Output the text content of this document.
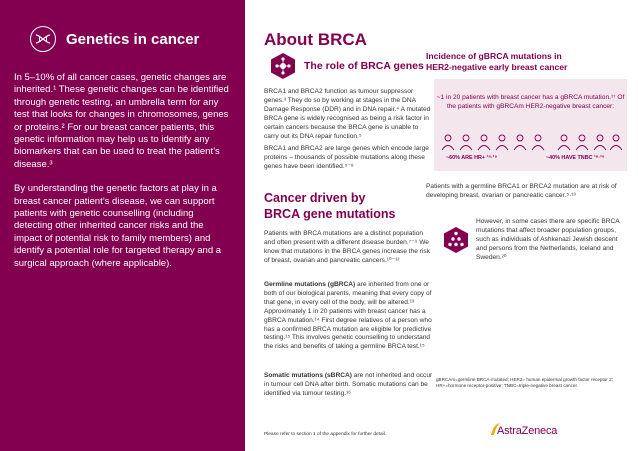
Genetics in cancer

In 5–10% of all cancer cases, genetic changes are inherited.¹ These genetic changes can be identified through genetic testing, an umbrella term for any test that looks for changes in chromosomes, genes or proteins.² For our breast cancer patients, this genetic information may help us to identify any biomarkers that can be used to treat the patient’s disease.³

By understanding the genetic factors at play in a breast cancer patient’s disease, we can support patients with genetic counselling (including detecting other inherited cancer risks and the impact of potential risk to family members) and identify a potential role for targeted therapy and a surgical approach (where applicable).

About BRCA
The role of BRCA genes
BRCA1 and BRCA2 function as tumour suppressor genes.³ They do so by working at stages in the DNA Damage Response (DDR) and in DNA repair.⁴ A mutated BRCA gene is widely recognised as being a risk factor in certain cancers because the BRCA gene is unable to carry out its DNA repair function.⁵
BRCA1 and BRCA2 are large genes which encode large proteins – thousands of possible mutations along these genes have been identified.⁵⁻⁸
Cancer driven by
BRCA gene mutations
Patients with BRCA mutations are a distinct population and often present with a different disease burden.⁷⁻⁹ We know that mutations in the BRCA genes increase the risk of breast, ovarian and pancreatic cancers.¹⁰⁻¹²
Germline mutations (gBRCA) are inherited from one or both of our biological parents, meaning that every copy of that gene, in every cell of the body, will be altered.¹³ Approximately 1 in 20 patients with breast cancer has a gBRCA mutation.¹⁴ First degree relatives of a person who has a confirmed BRCA mutation are eligible for predictive testing.¹⁵ This involves genetic counselling to understand the risks and benefits of taking a germline BRCA test.¹⁵
Somatic mutations (sBRCA) are not inherited and occur in tumour cell DNA after birth. Somatic mutations can be identified via tumour testing.¹⁶
Please refer to section 1 of the appendix for further detail.
Incidence of gBRCA mutations in
HER2-negative early breast cancer
~1 in 20 patients with breast cancer has a gBRCA mutation.¹⁷ Of the patients with gBRCAm HER2-negative breast cancer:
~60% ARE HR+ ¹⁸·¹⁹	~40% HAVE TNBC ¹⁸·¹⁹
Patients with a germline BRCA1 or BRCA2 mutation are at risk of developing breast, ovarian or pancreatic cancer.⁵·¹³
However, in some cases there are specific BRCA mutations that affect broader population groups, such as individuals of Ashkenazi Jewish descent and persons from the Netherlands, Iceland and Sweden.²⁰
gBRCAm=germline BRCA-mutated; HER2= human epidermal growth factor receptor 2; HR+=hormone receptor-positive; TNBC=triple-negative breast cancer.
AstraZeneca
